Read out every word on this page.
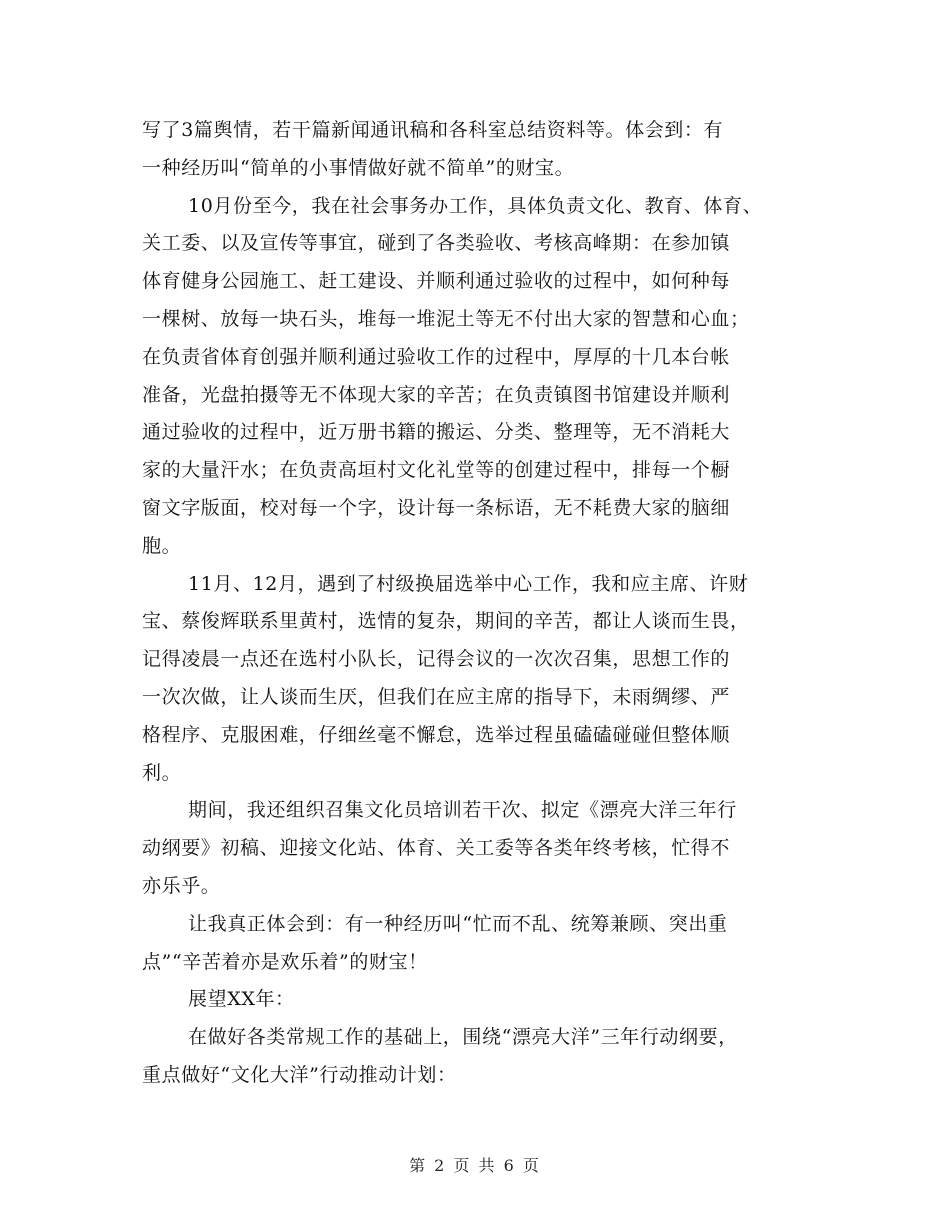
写了3篇舆情，若干篇新闻通讯稿和各科室总结资料等。体会到：有
一种经历叫“简单的小事情做好就不简单”的财宝。
10月份至今，我在社会事务办工作，具体负责文化、教育、体育、
关工委、以及宣传等事宜，碰到了各类验收、考核高峰期：在参加镇
体育健身公园施工、赶工建设、并顺利通过验收的过程中，如何种每
一棵树、放每一块石头，堆每一堆泥土等无不付出大家的智慧和心血；
在负责省体育创强并顺利通过验收工作的过程中，厚厚的十几本台帐
准备，光盘拍摄等无不体现大家的辛苦；在负责镇图书馆建设并顺利
通过验收的过程中，近万册书籍的搬运、分类、整理等，无不消耗大
家的大量汗水；在负责高垣村文化礼堂等的创建过程中，排每一个橱
窗文字版面，校对每一个字，设计每一条标语，无不耗费大家的脑细
胞。
11月、12月，遇到了村级换届选举中心工作，我和应主席、许财
宝、蔡俊辉联系里黄村，选情的复杂，期间的辛苦，都让人谈而生畏，
记得凌晨一点还在选村小队长，记得会议的一次次召集，思想工作的
一次次做，让人谈而生厌，但我们在应主席的指导下，未雨绸缪、严
格程序、克服困难，仔细丝毫不懈怠，选举过程虽磕磕碰碰但整体顺
利。
期间，我还组织召集文化员培训若干次、拟定《漂亮大洋三年行
动纲要》初稿、迎接文化站、体育、关工委等各类年终考核，忙得不
亦乐乎。
让我真正体会到：有一种经历叫“忙而不乱、统筹兼顾、突出重
点”“辛苦着亦是欢乐着”的财宝！
展望XX年：
在做好各类常规工作的基础上，围绕“漂亮大洋”三年行动纲要，
重点做好“文化大洋”行动推动计划：
第 2 页 共 6 页
